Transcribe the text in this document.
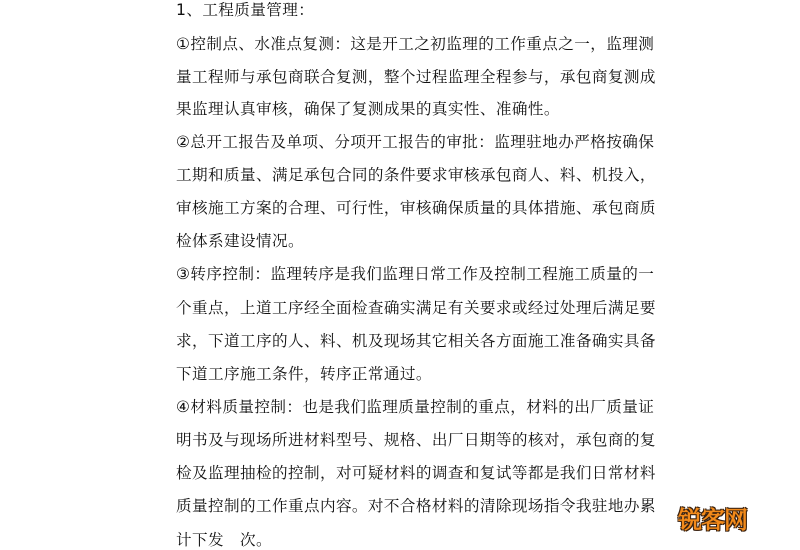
1、工程质量管理：
①控制点、水准点复测：这是开工之初监理的工作重点之一，监理测
量工程师与承包商联合复测，整个过程监理全程参与，承包商复测成
果监理认真审核，确保了复测成果的真实性、准确性。
②总开工报告及单项、分项开工报告的审批：监理驻地办严格按确保
工期和质量、满足承包合同的条件要求审核承包商人、料、机投入，
审核施工方案的合理、可行性，审核确保质量的具体措施、承包商质
检体系建设情况。
③转序控制：监理转序是我们监理日常工作及控制工程施工质量的一
个重点，上道工序经全面检查确实满足有关要求或经过处理后满足要
求，下道工序的人、料、机及现场其它相关各方面施工准备确实具备
下道工序施工条件，转序正常通过。
④材料质量控制：也是我们监理质量控制的重点，材料的出厂质量证
明书及与现场所进材料型号、规格、出厂日期等的核对，承包商的复
检及监理抽检的控制，对可疑材料的调查和复试等都是我们日常材料
质量控制的工作重点内容。对不合格材料的清除现场指令我驻地办累
计下发　次。
锐客网
